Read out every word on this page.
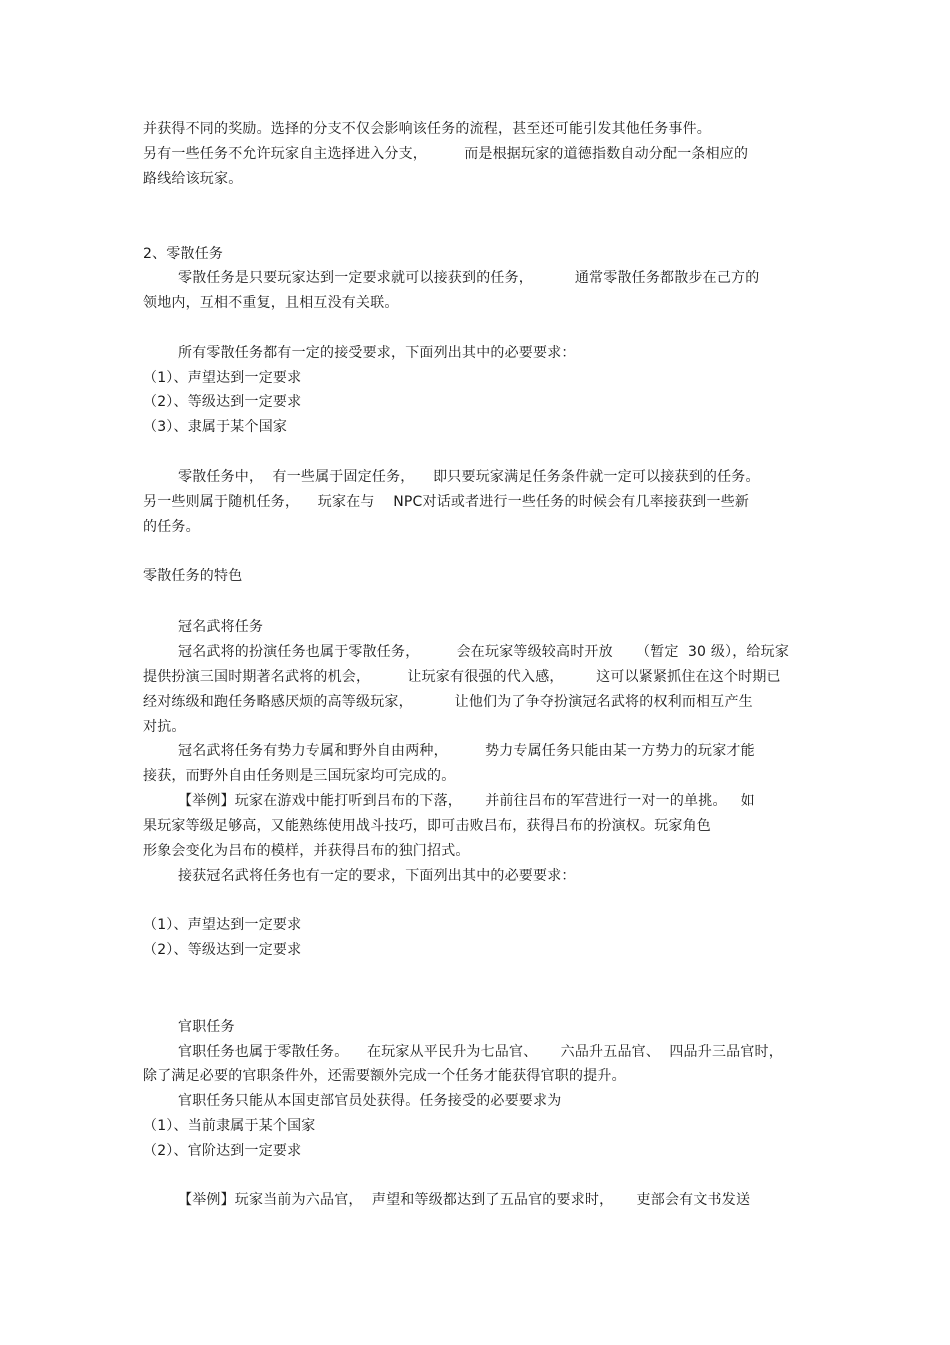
并获得不同的奖励。选择的分支不仅会影响该任务的流程，甚至还可能引发其他任务事件。
另有一些任务不允许玩家自主选择进入分支，        而是根据玩家的道德指数自动分配一条相应的
路线给该玩家。
2、零散任务
零散任务是只要玩家达到一定要求就可以接获到的任务，         通常零散任务都散步在己方的
领地内，互相不重复，且相互没有关联。
所有零散任务都有一定的接受要求，下面列出其中的必要要求：
（1）、声望达到一定要求
（2）、等级达到一定要求
（3）、隶属于某个国家
零散任务中，  有一些属于固定任务，    即只要玩家满足任务条件就一定可以接获到的任务。
另一些则属于随机任务，    玩家在与    NPC对话或者进行一些任务的时候会有几率接获到一些新
的任务。
零散任务的特色
冠名武将任务
冠名武将的扮演任务也属于零散任务，        会在玩家等级较高时开放     （暂定  30 级），给玩家
提供扮演三国时期著名武将的机会，        让玩家有很强的代入感，       这可以紧紧抓住在这个时期已
经对练级和跑任务略感厌烦的高等级玩家，         让他们为了争夺扮演冠名武将的权利而相互产生
对抗。
冠名武将任务有势力专属和野外自由两种，        势力专属任务只能由某一方势力的玩家才能
接获，而野外自由任务则是三国玩家均可完成的。
【举例】玩家在游戏中能打听到吕布的下落，     并前往吕布的军营进行一对一的单挑。   如
果玩家等级足够高，又能熟练使用战斗技巧，即可击败吕布，获得吕布的扮演权。玩家角色
形象会变化为吕布的模样，并获得吕布的独门招式。
接获冠名武将任务也有一定的要求，下面列出其中的必要要求：
（1）、声望达到一定要求
（2）、等级达到一定要求
官职任务
官职任务也属于零散任务。    在玩家从平民升为七品官、     六品升五品官、  四品升三品官时，
除了满足必要的官职条件外，还需要额外完成一个任务才能获得官职的提升。
官职任务只能从本国吏部官员处获得。任务接受的必要要求为
（1）、当前隶属于某个国家
（2）、官阶达到一定要求
【举例】玩家当前为六品官，  声望和等级都达到了五品官的要求时，     吏部会有文书发送
